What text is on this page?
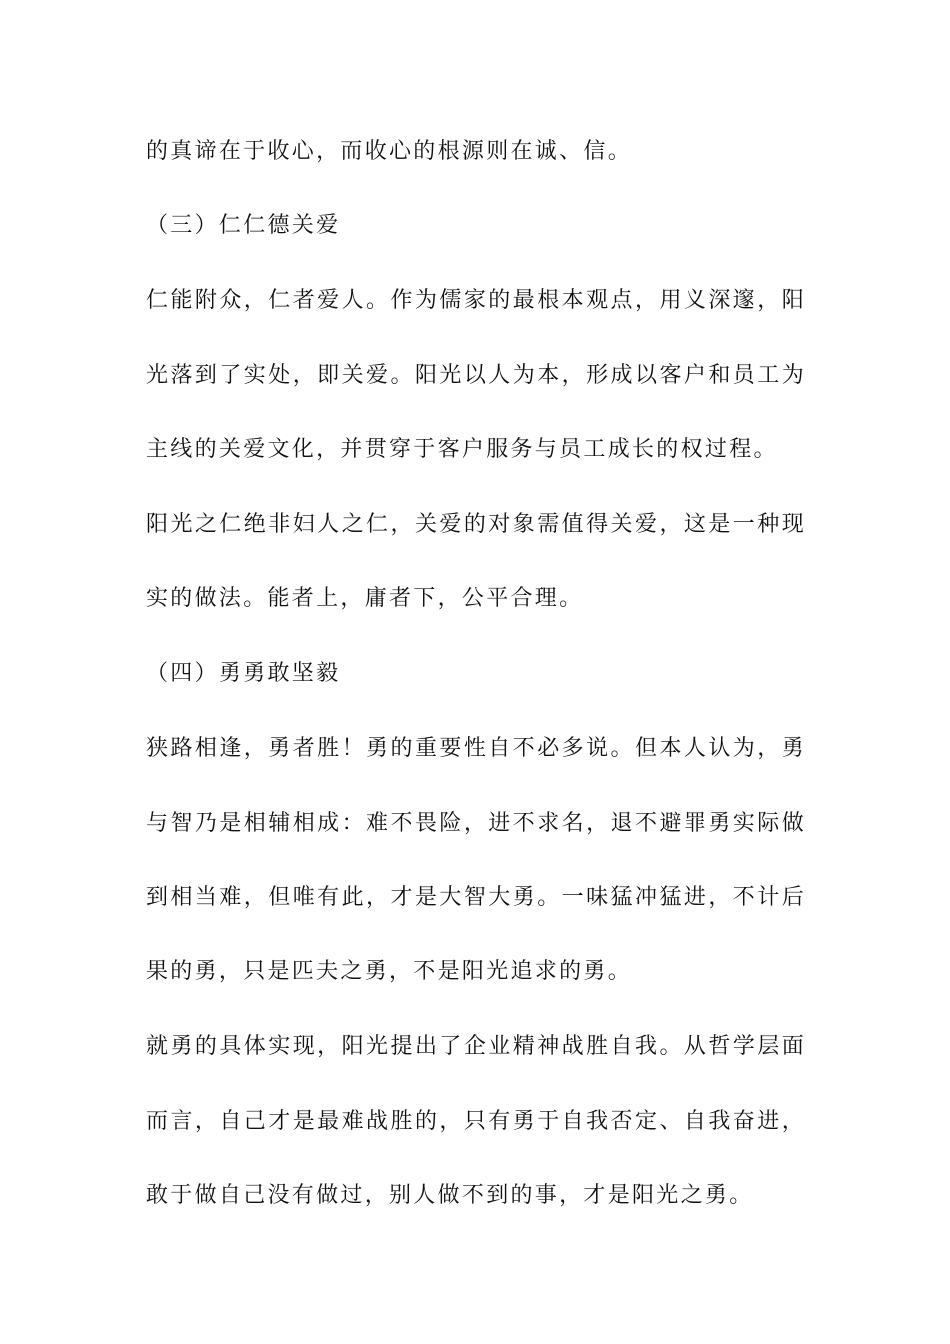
的真谛在于收心，而收心的根源则在诚、信。
（三）仁仁德关爱
仁能附众，仁者爱人。作为儒家的最根本观点，用义深邃，阳
光落到了实处，即关爱。阳光以人为本，形成以客户和员工为
主线的关爱文化，并贯穿于客户服务与员工成长的权过程。
阳光之仁绝非妇人之仁，关爱的对象需值得关爱，这是一种现
实的做法。能者上，庸者下，公平合理。
（四）勇勇敢坚毅
狭路相逢，勇者胜！勇的重要性自不必多说。但本人认为，勇
与智乃是相辅相成：难不畏险，进不求名，退不避罪勇实际做
到相当难，但唯有此，才是大智大勇。一味猛冲猛进，不计后
果的勇，只是匹夫之勇，不是阳光追求的勇。
就勇的具体实现，阳光提出了企业精神战胜自我。从哲学层面
而言，自己才是最难战胜的，只有勇于自我否定、自我奋进，
敢于做自己没有做过，别人做不到的事，才是阳光之勇。
